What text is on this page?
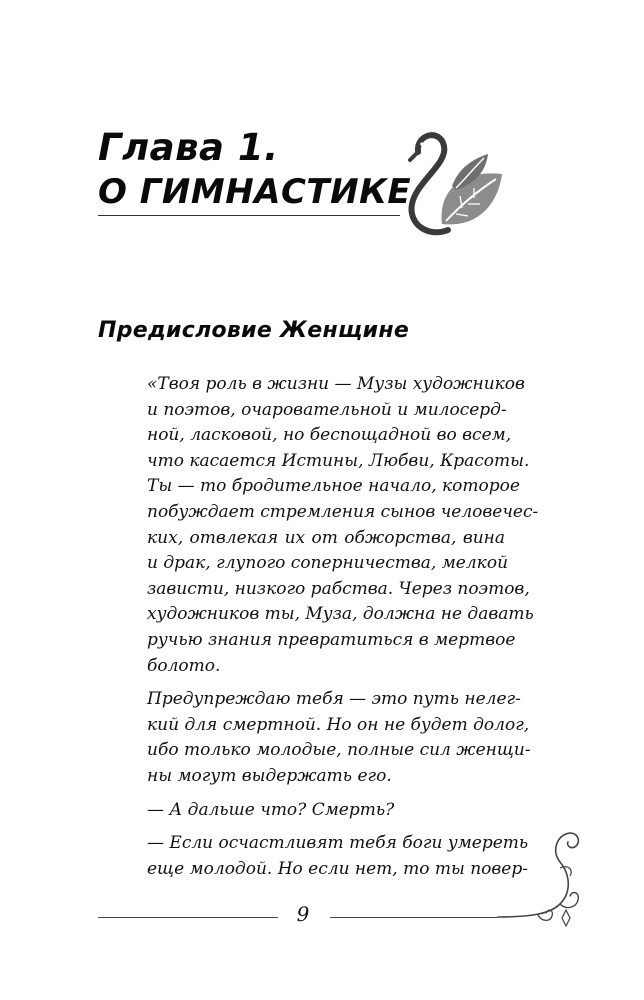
Глава 1.
О ГИМНАСТИКЕ
Предисловие Женщине

«Твоя роль в жизни — Музы художников
и поэтов, очаровательной и милосерд-
ной, ласковой, но беспощадной во всем,
что касается Истины, Любви, Красоты.
Ты — то бродительное начало, которое
побуждает стремления сынов человечес-
ких, отвлекая их от обжорства, вина
и драк, глупого соперничества, мелкой
зависти, низкого рабства. Через поэтов,
художников ты, Муза, должна не давать
ручью знания превратиться в мертвое
болото.

Предупреждаю тебя — это путь нелег-
кий для смертной. Но он не будет долог,
ибо только молодые, полные сил женщи-
ны могут выдержать его.

— А дальше что? Смерть?

— Если осчастливят тебя боги умереть
еще молодой. Но если нет, то ты повер-

9
